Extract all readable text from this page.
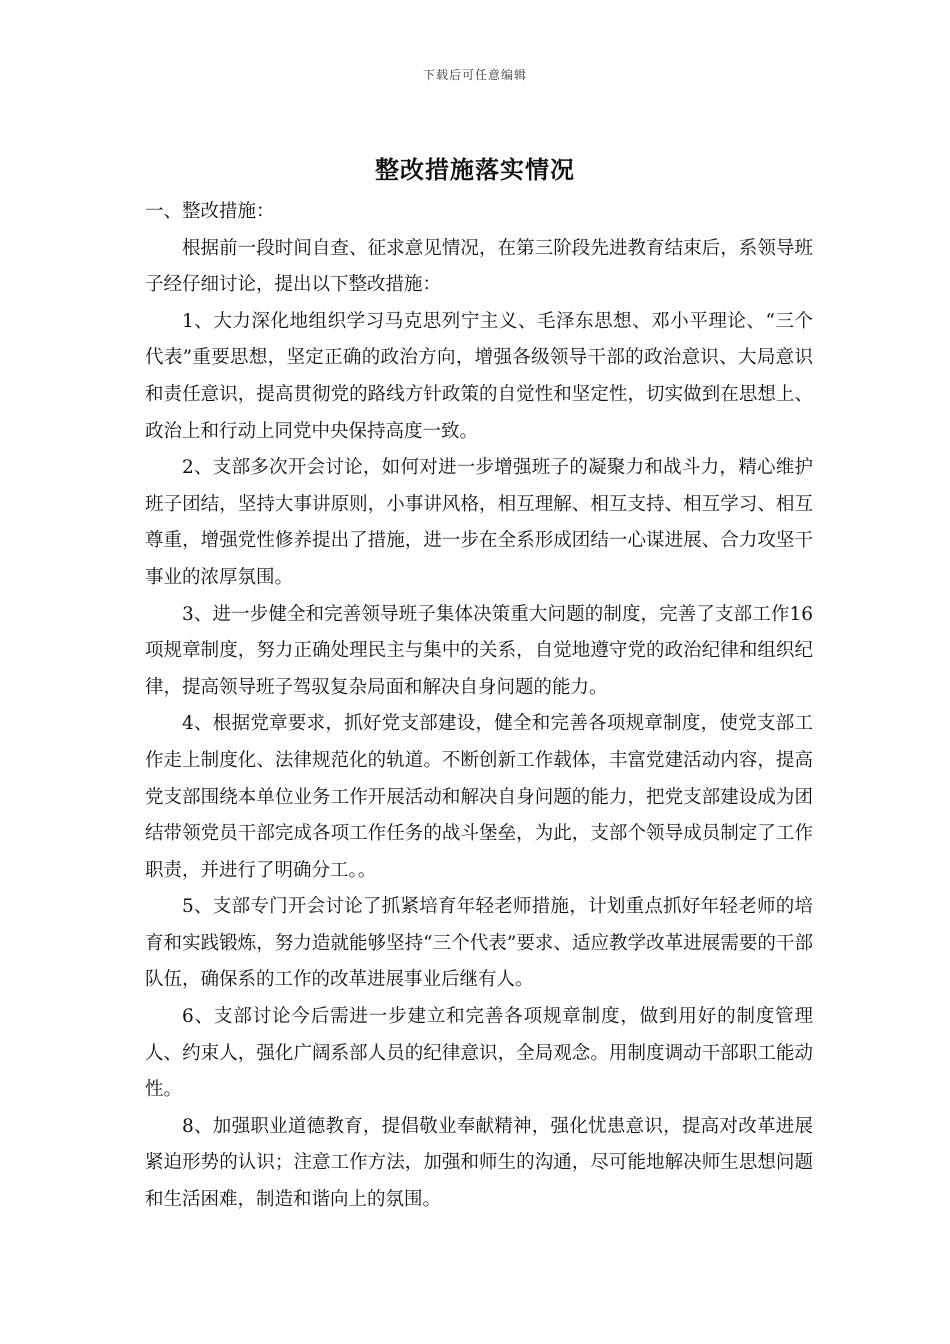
下载后可任意编辑
整改措施落实情况

一、整改措施：

根据前一段时间自查、征求意见情况，在第三阶段先进教育结束后，系领导班子经仔细讨论，提出以下整改措施：

1、大力深化地组织学习马克思列宁主义、毛泽东思想、邓小平理论、“三个代表”重要思想，坚定正确的政治方向，增强各级领导干部的政治意识、大局意识和责任意识，提高贯彻党的路线方针政策的自觉性和坚定性，切实做到在思想上、政治上和行动上同党中央保持高度一致。

2、支部多次开会讨论，如何对进一步增强班子的凝聚力和战斗力，精心维护班子团结，坚持大事讲原则，小事讲风格，相互理解、相互支持、相互学习、相互尊重，增强党性修养提出了措施，进一步在全系形成团结一心谋进展、合力攻坚干事业的浓厚氛围。

3、进一步健全和完善领导班子集体决策重大问题的制度，完善了支部工作16项规章制度，努力正确处理民主与集中的关系，自觉地遵守党的政治纪律和组织纪律，提高领导班子驾驭复杂局面和解决自身问题的能力。

4、根据党章要求，抓好党支部建设，健全和完善各项规章制度，使党支部工作走上制度化、法律规范化的轨道。不断创新工作载体，丰富党建活动内容，提高党支部围绕本单位业务工作开展活动和解决自身问题的能力，把党支部建设成为团结带领党员干部完成各项工作任务的战斗堡垒，为此，支部个领导成员制定了工作职责，并进行了明确分工。。

5、支部专门开会讨论了抓紧培育年轻老师措施，计划重点抓好年轻老师的培育和实践锻炼，努力造就能够坚持“三个代表”要求、适应教学改革进展需要的干部队伍，确保系的工作的改革进展事业后继有人。

6、支部讨论今后需进一步建立和完善各项规章制度，做到用好的制度管理人、约束人，强化广阔系部人员的纪律意识，全局观念。用制度调动干部职工能动性。

8、加强职业道德教育，提倡敬业奉献精神，强化忧患意识，提高对改革进展紧迫形势的认识；注意工作方法，加强和师生的沟通，尽可能地解决师生思想问题和生活困难，制造和谐向上的氛围。
